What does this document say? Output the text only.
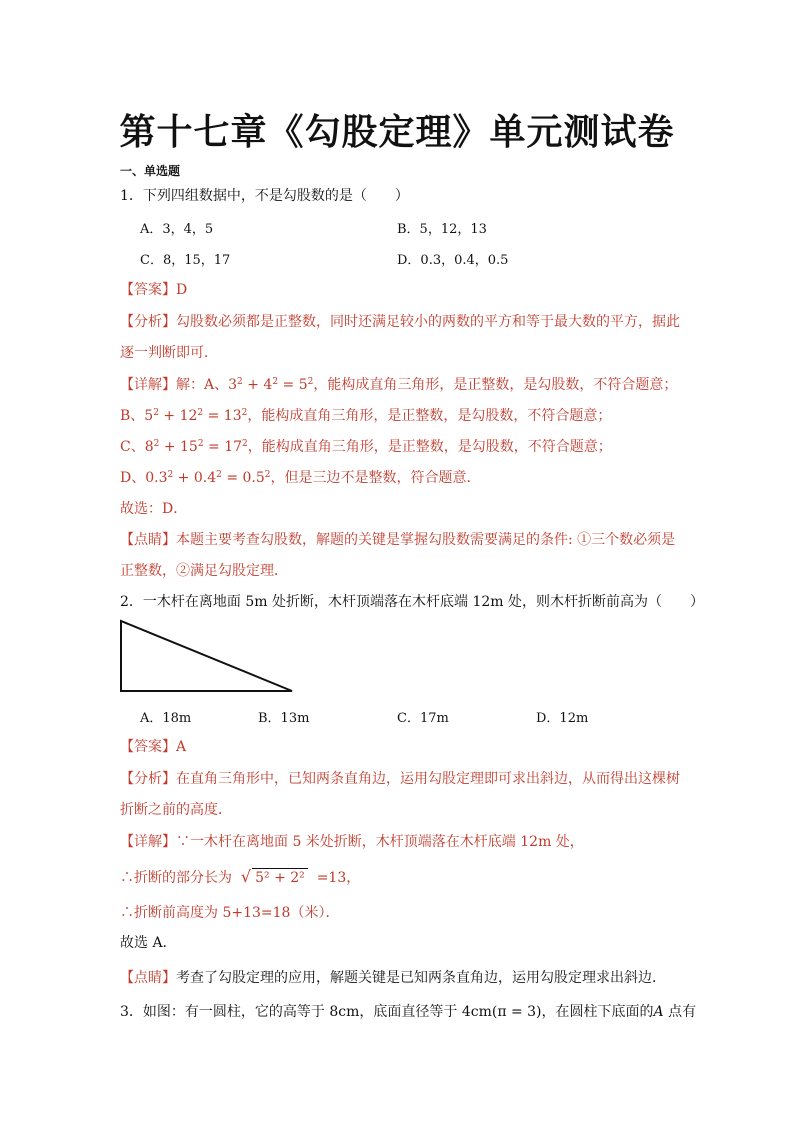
第十七章《勾股定理》单元测试卷
一、单选题
1．下列四组数据中，不是勾股数的是（　　）
A．3，4，5	B．5，12，13
C．8，15，17	D．0.3，0.4，0.5
【答案】D
【分析】勾股数必须都是正整数，同时还满足较小的两数的平方和等于最大数的平方，据此
逐一判断即可．
【详解】解：A、$3^2 + 4^2 = 5^2$，能构成直角三角形，是正整数，是勾股数，不符合题意；
B、$5^2 + 12^2 = 13^2$，能构成直角三角形，是正整数，是勾股数，不符合题意；
C、$8^2 + 15^2 = 17^2$，能构成直角三角形，是正整数，是勾股数，不符合题意；
D、$0.3^2 + 0.4^2 = 0.5^2$，但是三边不是整数，符合题意．
故选：D．
【点睛】本题主要考查勾股数，解题的关键是掌握勾股数需要满足的条件: ①三个数必须是
正整数，②满足勾股定理．
2．一木杆在离地面 5m 处折断，木杆顶端落在木杆底端 12m 处，则木杆折断前高为（　　）
A．18m	B．13m	C．17m	D．12m
【答案】A
【分析】在直角三角形中，已知两条直角边，运用勾股定理即可求出斜边，从而得出这棵树
折断之前的高度．
【详解】∵一木杆在离地面 5 米处折断，木杆顶端落在木杆底端 12m 处，
∴折断的部分长为 √ 5² + 2² =13，
∴折断前高度为 5+13=18（米）．
故选 A．
【点睛】考查了勾股定理的应用，解题关键是已知两条直角边，运用勾股定理求出斜边．
3．如图：有一圆柱，它的高等于 8cm，底面直径等于 4cm(π = 3)，在圆柱下底面的A 点有
